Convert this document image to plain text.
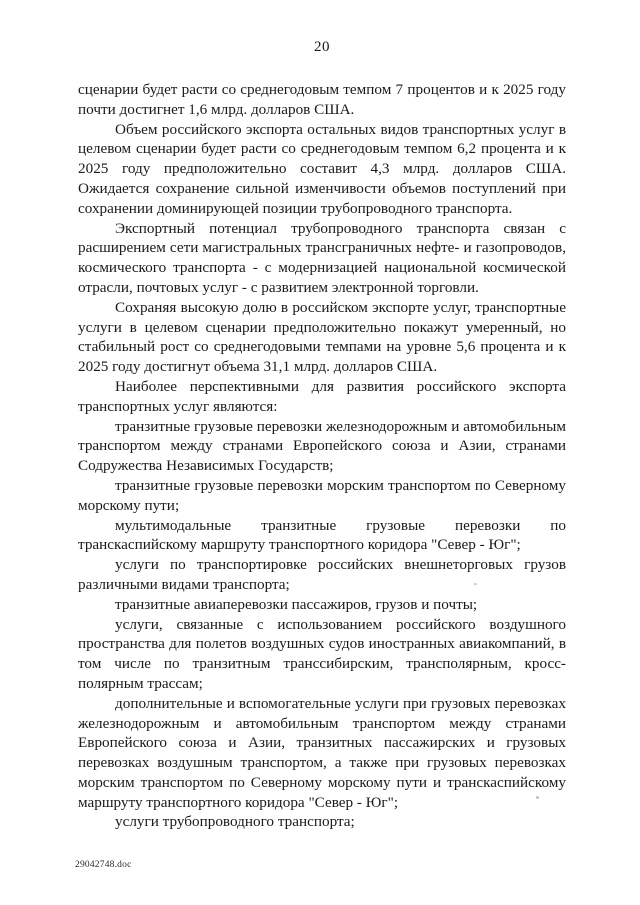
20

сценарии будет расти со среднегодовым темпом 7 процентов и к 2025 году почти достигнет 1,6 млрд. долларов США.

Объем российского экспорта остальных видов транспортных услуг в целевом сценарии будет расти со среднегодовым темпом 6,2 процента и к 2025 году предположительно составит 4,3 млрд. долларов США. Ожидается сохранение сильной изменчивости объемов поступлений при сохранении доминирующей позиции трубопроводного транспорта.

Экспортный потенциал трубопроводного транспорта связан с расширением сети магистральных трансграничных нефте- и газопроводов, космического транспорта - с модернизацией национальной космической отрасли, почтовых услуг - с развитием электронной торговли.

Сохраняя высокую долю в российском экспорте услуг, транспортные услуги в целевом сценарии предположительно покажут умеренный, но стабильный рост со среднегодовыми темпами на уровне 5,6 процента и к 2025 году достигнут объема 31,1 млрд. долларов США.

Наиболее перспективными для развития российского экспорта транспортных услуг являются:

транзитные грузовые перевозки железнодорожным и автомобильным транспортом между странами Европейского союза и Азии, странами Содружества Независимых Государств;

транзитные грузовые перевозки морским транспортом по Северному морскому пути;

мультимодальные транзитные грузовые перевозки по транскаспийскому маршруту транспортного коридора "Север - Юг";

услуги по транспортировке российских внешнеторговых грузов различными видами транспорта;

транзитные авиаперевозки пассажиров, грузов и почты;

услуги, связанные с использованием российского воздушного пространства для полетов воздушных судов иностранных авиакомпаний, в том числе по транзитным транссибирским, трансполярным, кросс-полярным трассам;

дополнительные и вспомогательные услуги при грузовых перевозках железнодорожным и автомобильным транспортом между странами Европейского союза и Азии, транзитных пассажирских и грузовых перевозках воздушным транспортом, а также при грузовых перевозках морским транспортом по Северному морскому пути и транскаспийскому маршруту транспортного коридора "Север - Юг";

услуги трубопроводного транспорта;

29042748.doc
